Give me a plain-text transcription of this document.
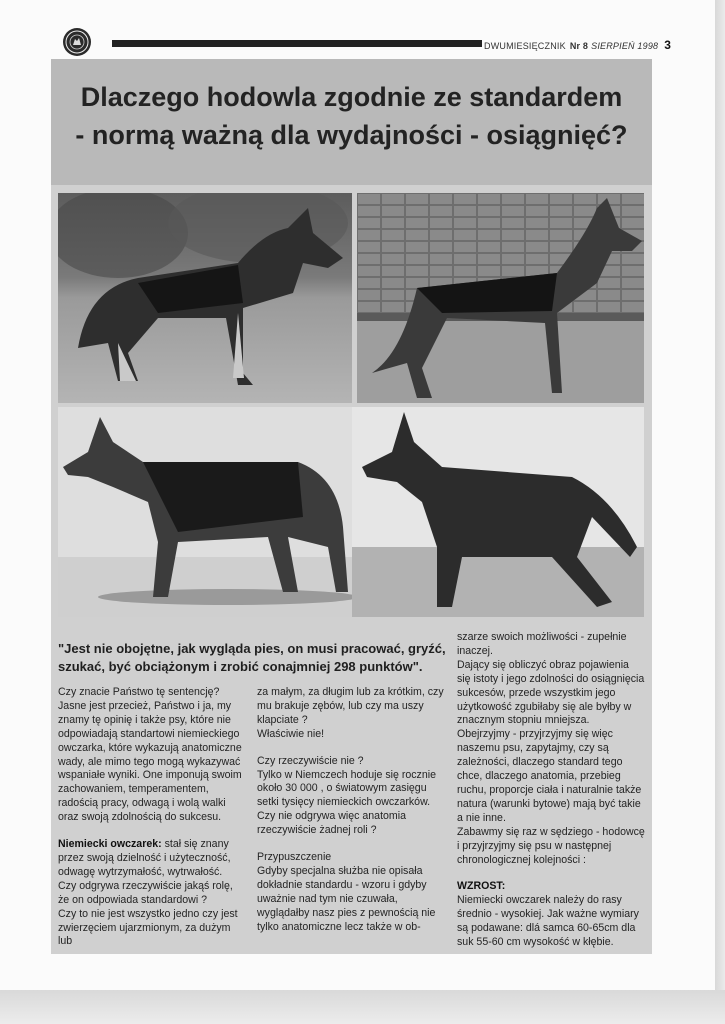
DWUMIESIĘCZNIK Nr 8 SIERPIEŃ 1998 3
Dlaczego hodowla zgodnie ze standardem
- normą ważną dla wydajności - osiągnięć?
"Jest nie obojętne, jak wygląda pies, on musi pracować, gryźć, szukać, być obciążonym i zrobić conajmniej 298 punktów".

Czy znacie Państwo tę sentencję? Jasne jest przecież, Państwo i ja, my znamy tę opinię i także psy, które nie odpowiadają standartowi niemieckiego owczarka, które wykazują anatomiczne wady, ale mimo tego mogą wykazywać wspaniałe wyniki. One imponują swoim zachowaniem, temperamentem, radością pracy, odwagą i wolą walki oraz swoją zdolnością do sukcesu.

Niemiecki owczarek: stał się znany przez swoją dzielność i użyteczność, odwagę wytrzymałość, wytrwałość.

Czy odgrywa rzeczywiście jakąś rolę, że on odpowiada standardowi ?

Czy to nie jest wszystko jedno czy jest zwierzęciem ujarzmionym, za dużym lub

za małym, za długim lub za krótkim, czy mu brakuje zębów, lub czy ma uszy klapciate ?

Właściwie nie!

Czy rzeczywiście nie ?

Tylko w Niemczech hoduje się rocznie około 30 000 , o światowym zasięgu setki tysięcy niemieckich owczarków.

Czy nie odgrywa więc anatomia rzeczywiście żadnej roli ?

Przypuszczenie

Gdyby specjalna służba nie opisała dokładnie standardu - wzoru i gdyby uważnie nad tym nie czuwała, wyglądałby nasz pies z pewnością nie tylko anatomiczne lecz także w ob-

szarze swoich możliwości - zupełnie inaczej.

Dający się obliczyć obraz pojawienia się istoty i jego zdolności do osiągnięcia sukcesów, przede wszystkim jego użytkowość zgubiłaby się ale byłby w znacznym stopniu mniejsza.

Obejrzyjmy - przyjrzyjmy się więc naszemu psu, zapytajmy, czy są zależności, dlaczego standard tego chce, dlaczego anatomia, przebieg ruchu, proporcje ciała i naturalnie także natura (warunki bytowe) mają być takie a nie inne.

Zabawmy się raz w sędziego - hodowcę i przyjrzyjmy się psu w następnej chronologicznej kolejności :

WZROST:
Niemiecki owczarek należy do rasy średnio - wysokiej. Jak ważne wymiary są podawane: dlá samca 60-65cm dla suk 55-60 cm wysokość w kłębie.
